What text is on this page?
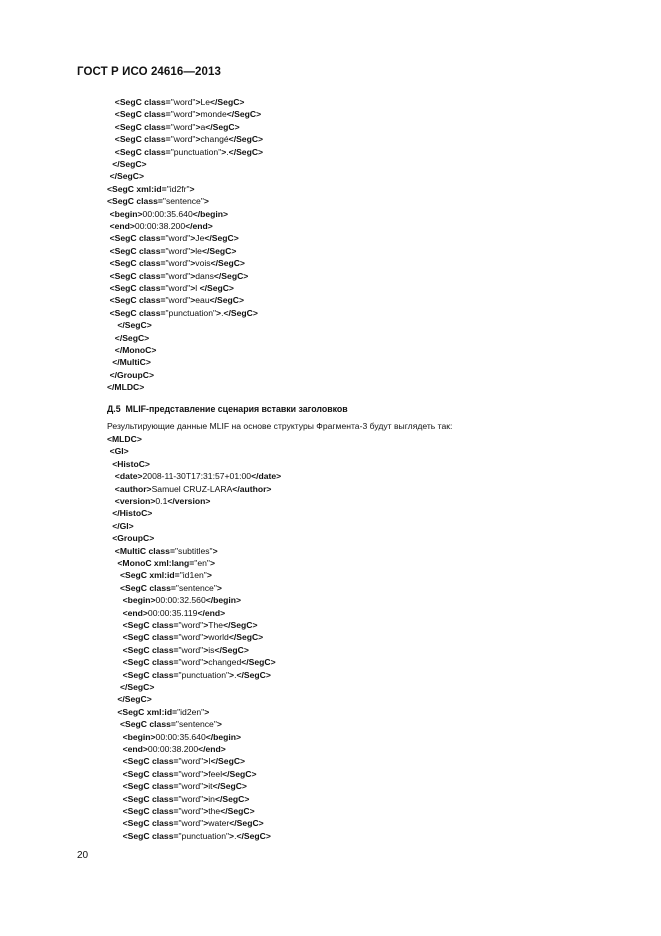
ГОСТ Р ИСО 24616—2013
<SegC class="word">Le</SegC>
<SegC class="word">monde</SegC>
<SegC class="word">a</SegC>
<SegC class="word">changé</SegC>
<SegC class="punctuation">.</SegC>
</SegC>
</SegC>
<SegC xml:id="id2fr">
<SegC class="sentence">
<begin>00:00:35.640</begin>
<end>00:00:38.200</end>
<SegC class="word">Je</SegC>
<SegC class="word">le</SegC>
<SegC class="word">vois</SegC>
<SegC class="word">dans</SegC>
<SegC class="word">l </SegC>
<SegC class="word">eau</SegC>
<SegC class="punctuation">.</SegC>
</SegC>
</SegC>
</MonoC>
</MultiC>
</GroupC>
</MLDC>
Д.5  MLIF-представление сценария вставки заголовков
Результирующие данные MLIF на основе структуры Фрагмента-3 будут выглядеть так:
<MLDC>
<GI>
<HistoC>
<date>2008-11-30T17:31:57+01:00</date>
<author>Samuel CRUZ-LARA</author>
<version>0.1</version>
</HistoC>
</GI>
<GroupC>
<MultiC class="subtitles">
<MonoC xml:lang="en">
<SegC xml:id="id1en">
<SegC class="sentence">
<begin>00:00:32.560</begin>
<end>00:00:35.119</end>
<SegC class="word">The</SegC>
<SegC class="word">world</SegC>
<SegC class="word">is</SegC>
<SegC class="word">changed</SegC>
<SegC class="punctuation">.</SegC>
</SegC>
</SegC>
<SegC xml:id="id2en">
<SegC class="sentence">
<begin>00:00:35.640</begin>
<end>00:00:38.200</end>
<SegC class="word">I</SegC>
<SegC class="word">feel</SegC>
<SegC class="word">it</SegC>
<SegC class="word">in</SegC>
<SegC class="word">the</SegC>
<SegC class="word">water</SegC>
<SegC class="punctuation">.</SegC>
20
